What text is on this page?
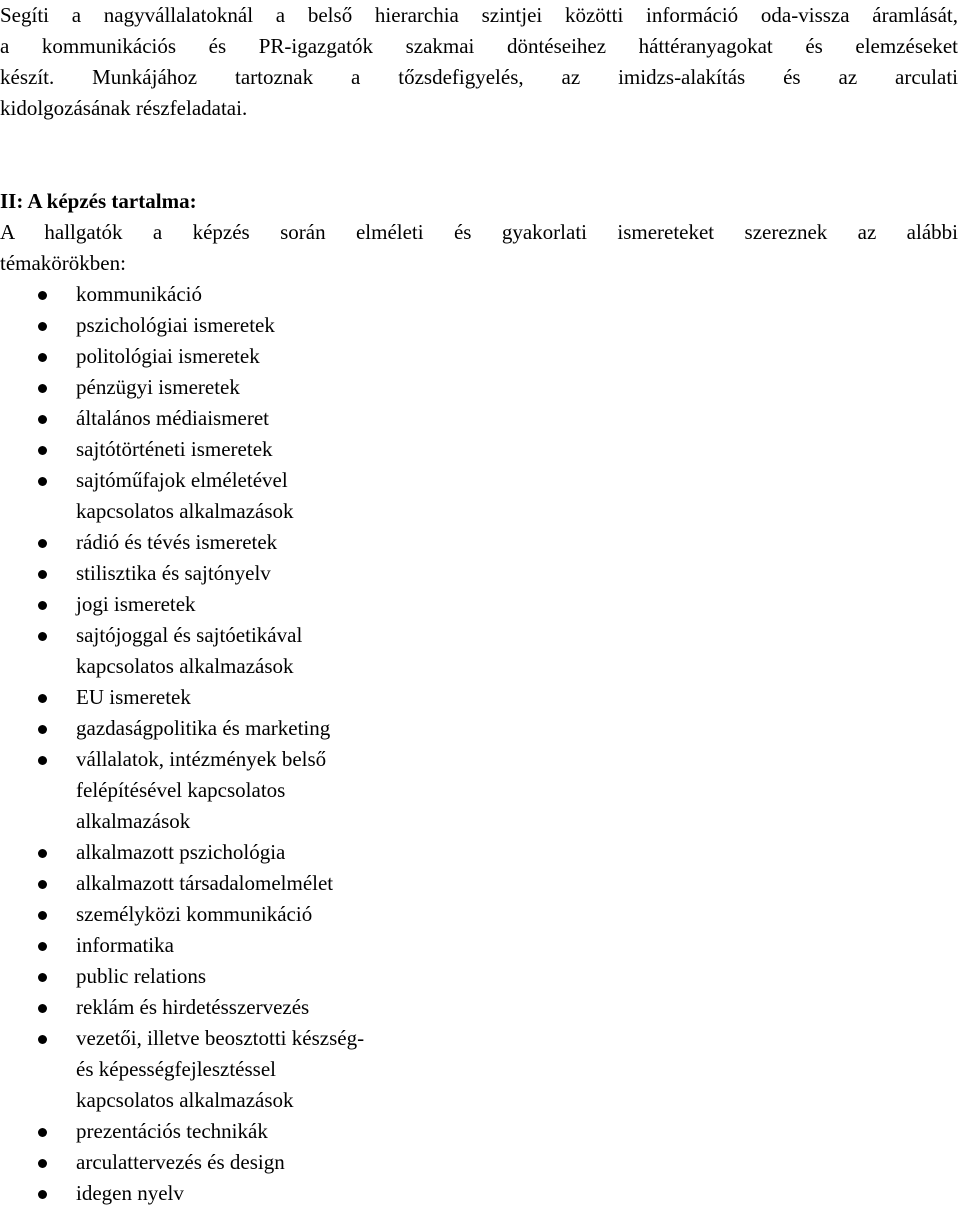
Segíti a nagyvállalatoknál a belső hierarchia szintjei közötti információ oda-vissza áramlását,
a kommunikációs és PR-igazgatók szakmai döntéseihez háttéranyagokat és elemzéseket
készít. Munkájához tartoznak a tőzsdefigyelés, az imidzs-alakítás és az arculati
kidolgozásának részfeladatai.

II: A képzés tartalma:

A hallgatók a képzés során elméleti és gyakorlati ismereteket szereznek az alábbi
témakörökben:

kommunikáció
pszichológiai ismeretek
politológiai ismeretek
pénzügyi ismeretek
általános médiaismeret
sajtótörténeti ismeretek
sajtóműfajok elméletével
kapcsolatos alkalmazások
rádió és tévés ismeretek
stilisztika és sajtónyelv
jogi ismeretek
sajtójoggal és sajtóetikával
kapcsolatos alkalmazások
EU ismeretek
gazdaságpolitika és marketing
vállalatok, intézmények belső
felépítésével kapcsolatos
alkalmazások
alkalmazott pszichológia
alkalmazott társadalomelmélet
személyközi kommunikáció
informatika
public relations
reklám és hirdetésszervezés
vezetői, illetve beosztotti készség-
és képességfejlesztéssel
kapcsolatos alkalmazások
prezentációs technikák
arculattervezés és design
idegen nyelv
